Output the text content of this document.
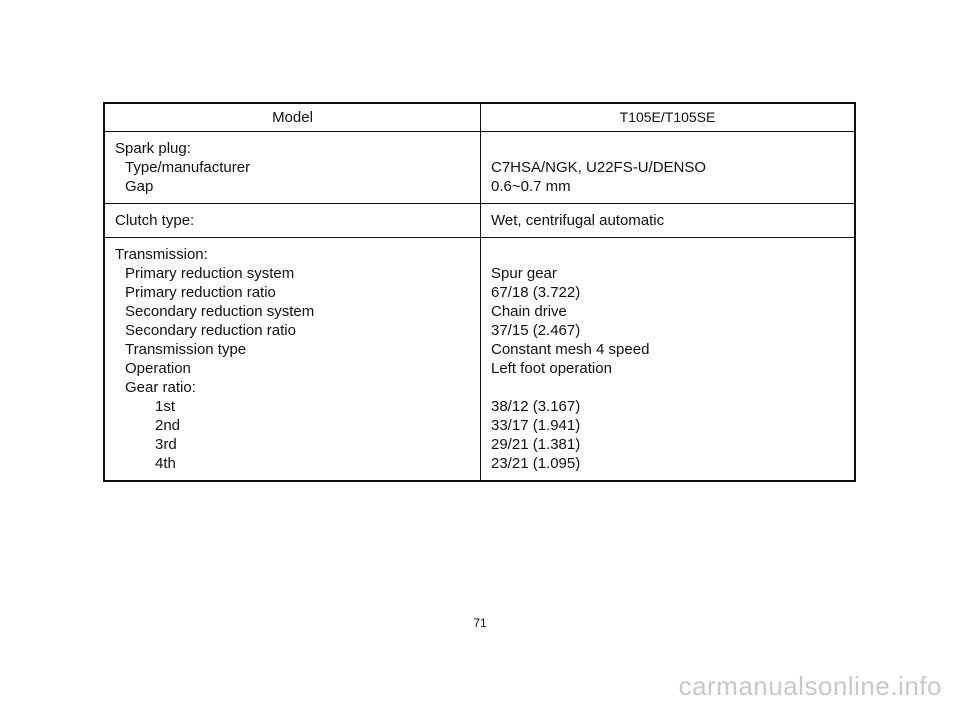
Model	T105E/T105SE
Spark plug:
Type/manufacturer
Gap
C7HSA/NGK, U22FS-U/DENSO
0.6~0.7 mm
Clutch type:	Wet, centrifugal automatic
Transmission:
Primary reduction system
Primary reduction ratio
Secondary reduction system
Secondary reduction ratio
Transmission type
Operation
Gear ratio:
1st
2nd
3rd
4th
Spur gear
67/18 (3.722)
Chain drive
37/15 (2.467)
Constant mesh 4 speed
Left foot operation
38/12 (3.167)
33/17 (1.941)
29/21 (1.381)
23/21 (1.095)
71
carmanualsonline.info
